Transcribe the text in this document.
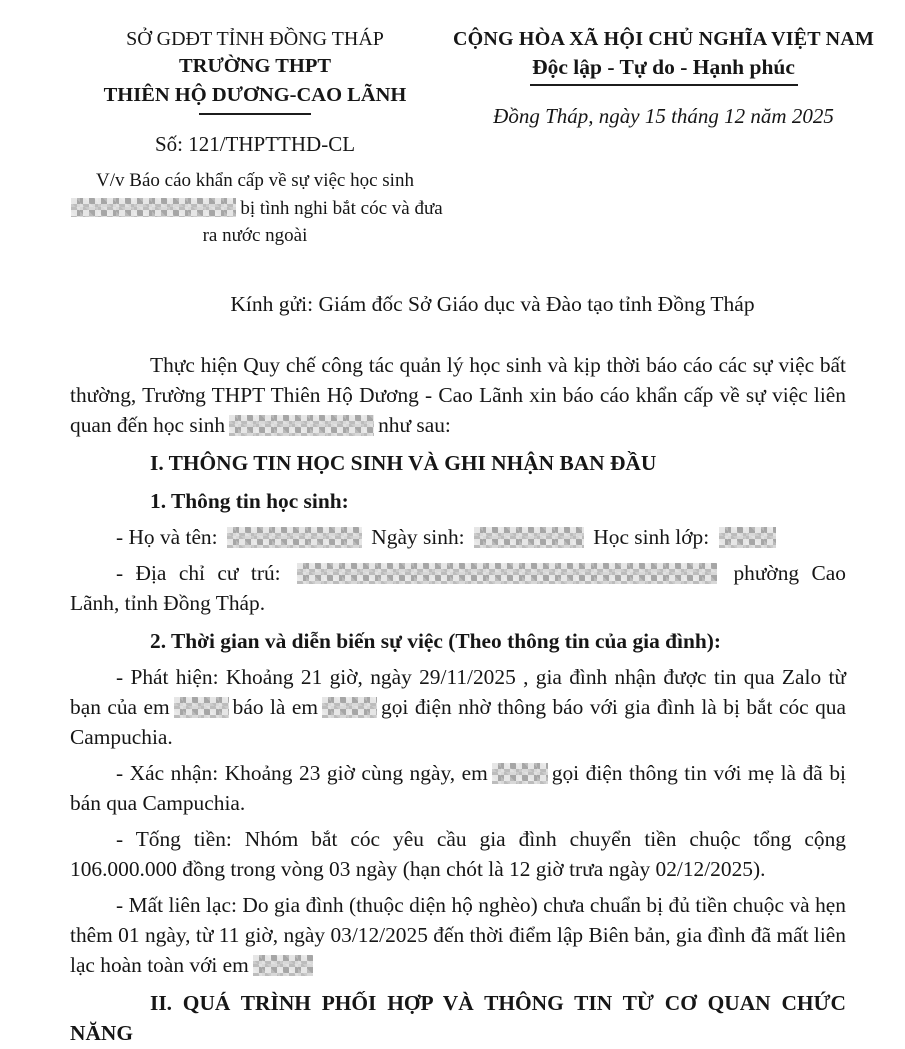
SỞ GDĐT TỈNH ĐỒNG THÁP
TRƯỜNG THPT
THIÊN HỘ DƯƠNG-CAO LÃNH
Số: 121/THPTTHD-CL
V/v Báo cáo khẩn cấp về sự việc học sinh
bị tình nghi bắt cóc và đưa
ra nước ngoài
CỘNG HÒA XÃ HỘI CHỦ NGHĨA VIỆT NAM
Độc lập - Tự do - Hạnh phúc
Đồng Tháp, ngày 15 tháng 12 năm 2025
Kính gửi: Giám đốc Sở Giáo dục và Đào tạo tỉnh Đồng Tháp

Thực hiện Quy chế công tác quản lý học sinh và kịp thời báo cáo các sự việc bất thường, Trường THPT Thiên Hộ Dương - Cao Lãnh xin báo cáo khẩn cấp về sự việc liên quan đến học sinh	như sau:

I. THÔNG TIN HỌC SINH VÀ GHI NHẬN BAN ĐẦU

1. Thông tin học sinh:

- Họ và tên:	Ngày sinh:	Học sinh lớp:

- Địa chỉ cư trú:	phường Cao Lãnh, tỉnh Đồng Tháp.

2. Thời gian và diễn biến sự việc (Theo thông tin của gia đình):

- Phát hiện: Khoảng 21 giờ, ngày 29/11/2025 , gia đình nhận được tin qua Zalo từ bạn của em	báo là em	gọi điện nhờ thông báo với gia đình là bị bắt cóc qua Campuchia.

- Xác nhận: Khoảng 23 giờ cùng ngày, em	gọi điện thông tin với mẹ là đã bị bán qua Campuchia.

- Tống tiền: Nhóm bắt cóc yêu cầu gia đình chuyển tiền chuộc tổng cộng 106.000.000 đồng trong vòng 03 ngày (hạn chót là 12 giờ trưa ngày 02/12/2025).

- Mất liên lạc: Do gia đình (thuộc diện hộ nghèo) chưa chuẩn bị đủ tiền chuộc và hẹn thêm 01 ngày, từ 11 giờ, ngày 03/12/2025 đến thời điểm lập Biên bản, gia đình đã mất liên lạc hoàn toàn với em

II. QUÁ TRÌNH PHỐI HỢP VÀ THÔNG TIN TỪ CƠ QUAN CHỨC NĂNG
